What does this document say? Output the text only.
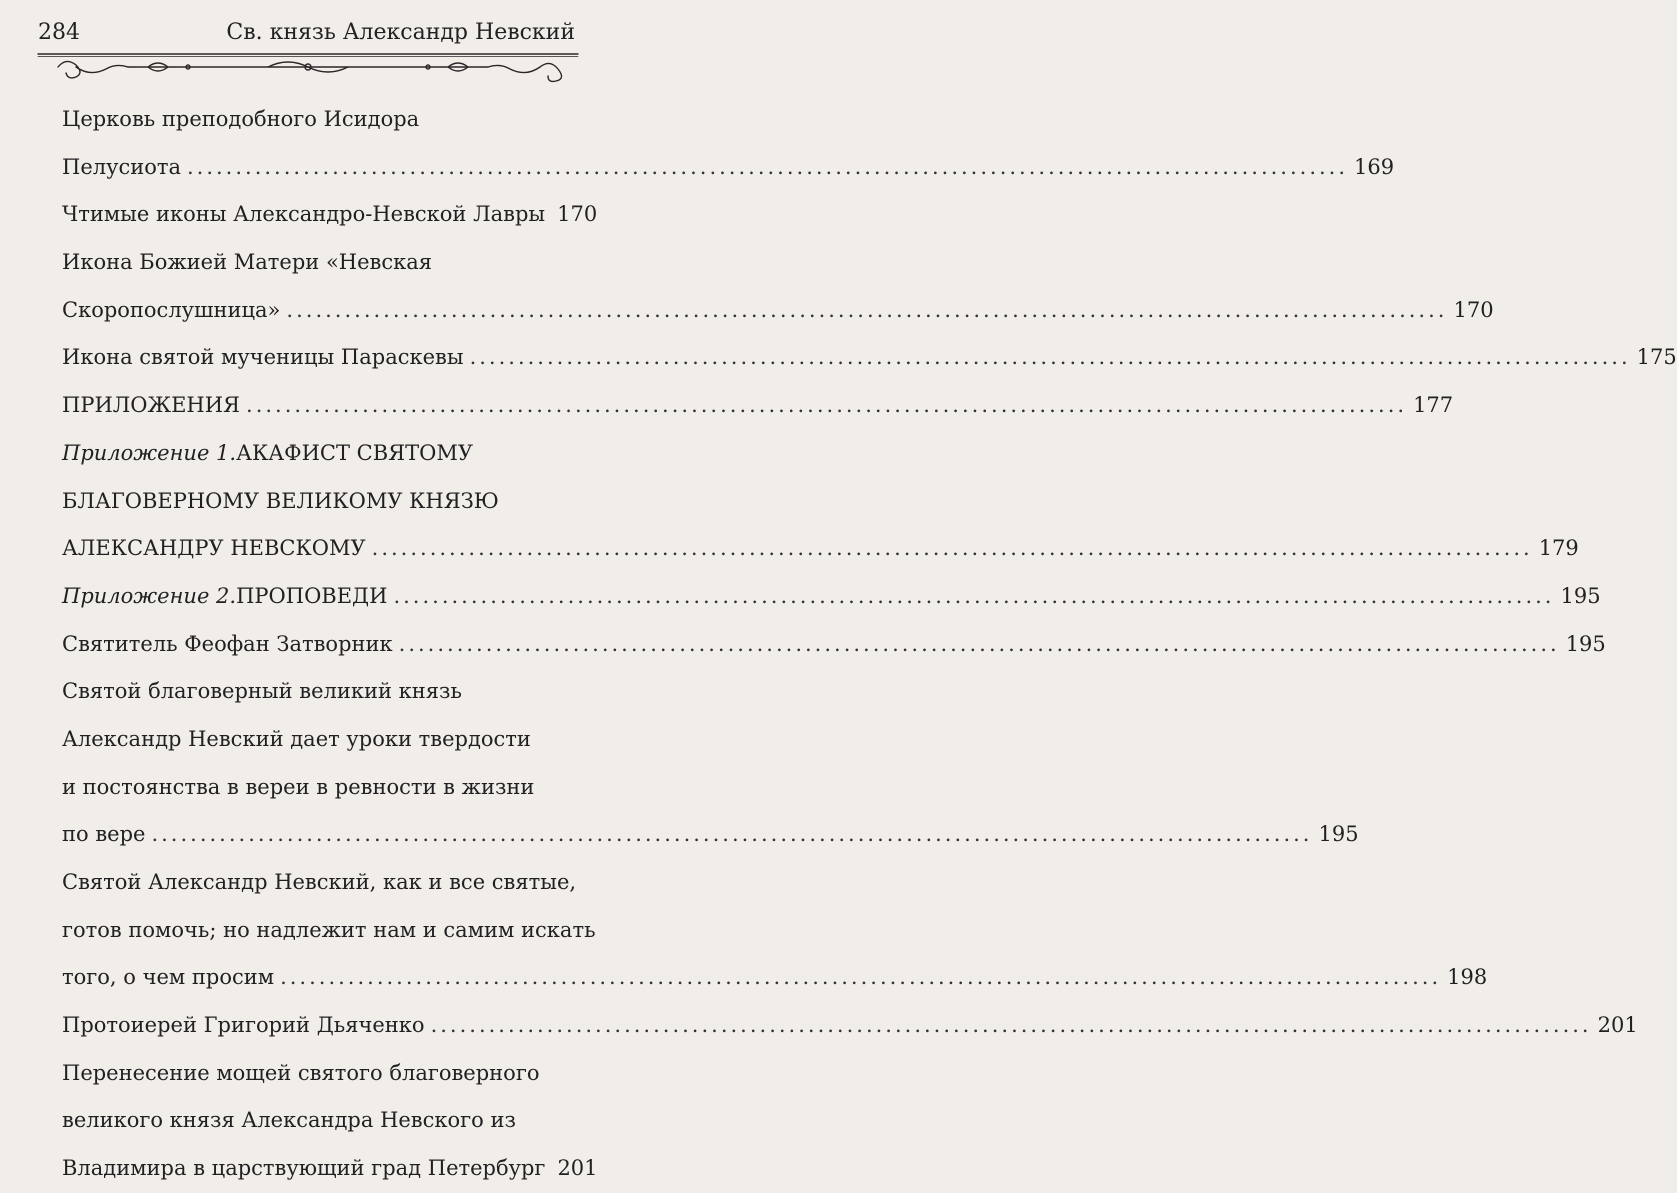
284	Св. князь Александр Невский
Церковь преподобного Исидора
Пелусиота ........................................................................................................................ 169
Чтимые иконы Александро-Невской Лавры 170
Икона Божией Матери «Невская
Скоропослушница» ........................................................................................................................ 170
Икона святой мученицы Параскевы ........................................................................................................................ 175
ПРИЛОЖЕНИЯ ........................................................................................................................ 177
Приложение 1. АКАФИСТ СВЯТОМУ
БЛАГОВЕРНОМУ ВЕЛИКОМУ КНЯЗЮ
АЛЕКСАНДРУ НЕВСКОМУ ........................................................................................................................ 179
Приложение 2. ПРОПОВЕДИ ........................................................................................................................ 195
Святитель Феофан Затворник ........................................................................................................................ 195
Святой благоверный великий князь
Александр Невский дает уроки твердости
и постоянства в вереи в ревности в жизни
по вере ........................................................................................................................ 195
Святой Александр Невский, как и все святые,
готов помочь; но надлежит нам и самим искать
того, о чем просим ........................................................................................................................ 198
Протоиерей Григорий Дьяченко ........................................................................................................................ 201
Перенесение мощей святого благоверного
великого князя Александра Невского из
Владимира в царствующий град Петербург 201
